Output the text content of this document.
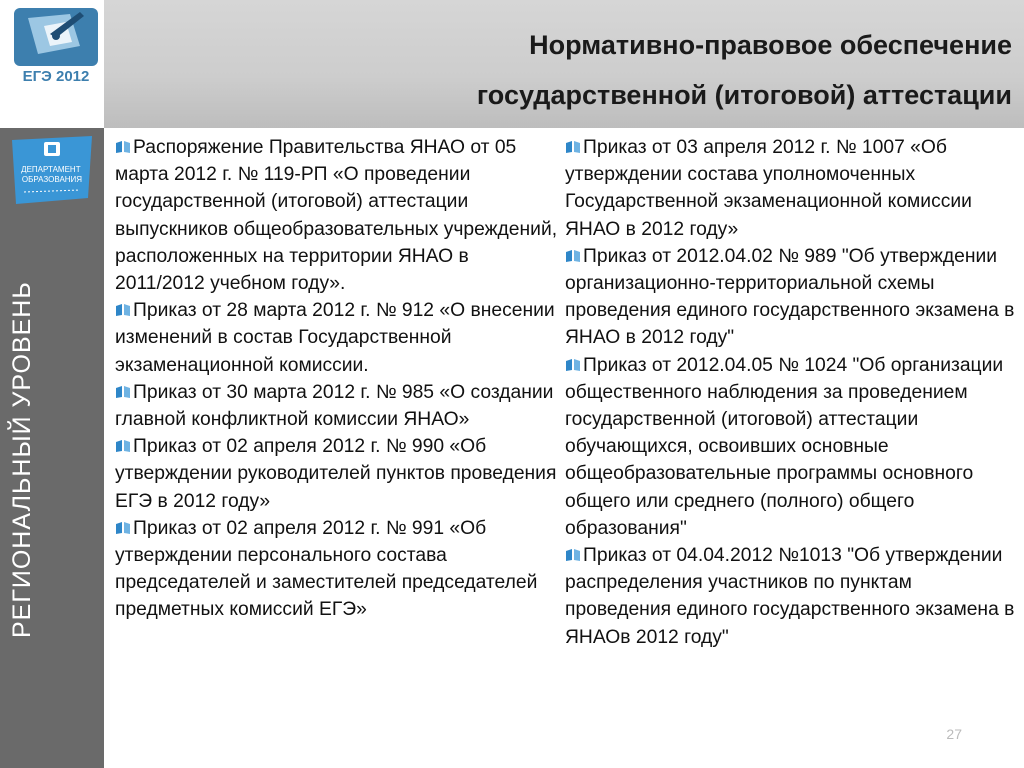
ЕГЭ 2012
ДЕПАРТАМЕНТ ОБРАЗОВАНИЯ
Нормативно-правовое обеспечение
государственной (итоговой) аттестации
РЕГИОНАЛЬНЫЙ УРОВЕНЬ

Распоряжение Правительства ЯНАО от 05 марта 2012 г. № 119-РП «О проведении государственной (итоговой) аттестации выпускников общеобразовательных учреждений, расположенных на территории ЯНАО в 2011/2012 учебном году».

Приказ от 28 марта 2012 г. № 912 «О внесении изменений в состав Государственной экзаменационной комиссии.

Приказ от 30 марта 2012 г. № 985 «О создании главной конфликтной комиссии ЯНАО»

Приказ от 02 апреля 2012 г. № 990 «Об утверждении руководителей пунктов проведения ЕГЭ в 2012 году»

Приказ от 02 апреля 2012 г. № 991 «Об утверждении персонального состава председателей и заместителей председателей предметных комиссий ЕГЭ»

Приказ от 03 апреля 2012 г. № 1007 «Об утверждении состава уполномоченных Государственной экзаменационной комиссии ЯНАО в 2012 году»

Приказ от 2012.04.02 № 989 "Об утверждении организационно-территориальной схемы проведения единого государственного экзамена в ЯНАО в 2012 году"

Приказ от 2012.04.05 № 1024 "Об организации общественного наблюдения за проведением государственной (итоговой) аттестации обучающихся, освоивших основные общеобразовательные программы основного общего или среднего (полного) общего образования"

Приказ от 04.04.2012 №1013 "Об утверждении распределения участников по пунктам проведения единого государственного экзамена в ЯНАОв 2012 году"

27
